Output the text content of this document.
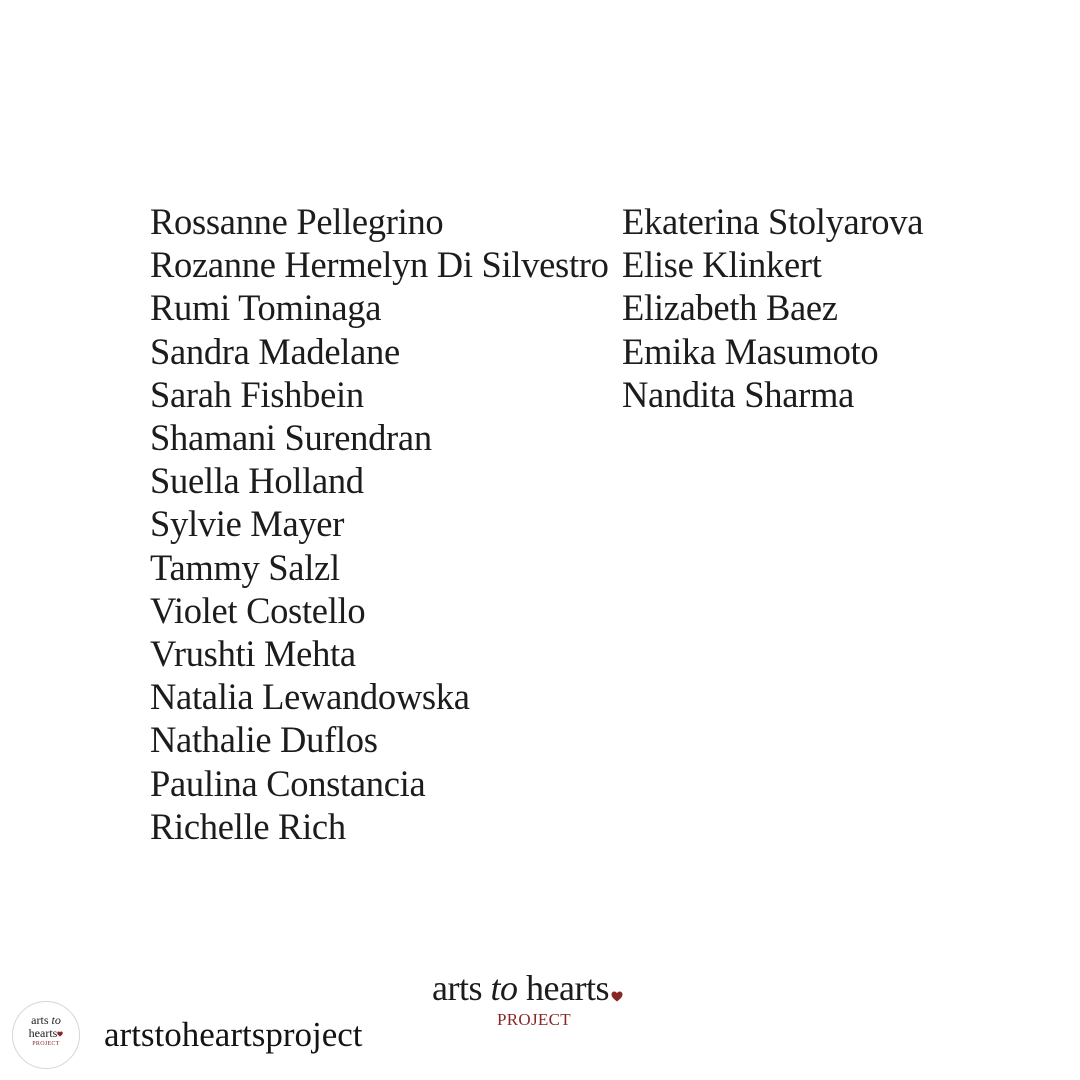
Rossanne Pellegrino
Rozanne Hermelyn Di Silvestro
Rumi Tominaga
Sandra Madelane
Sarah Fishbein
Shamani Surendran
Suella Holland
Sylvie Mayer
Tammy Salzl
Violet Costello
Vrushti Mehta
Natalia Lewandowska
Nathalie Duflos
Paulina Constancia
Richelle Rich
Ekaterina Stolyarova
Elise Klinkert
Elizabeth Baez
Emika Masumoto
Nandita Sharma
arts to hearts
PROJECT
arts to
hearts
PROJECT	artstoheartsproject
